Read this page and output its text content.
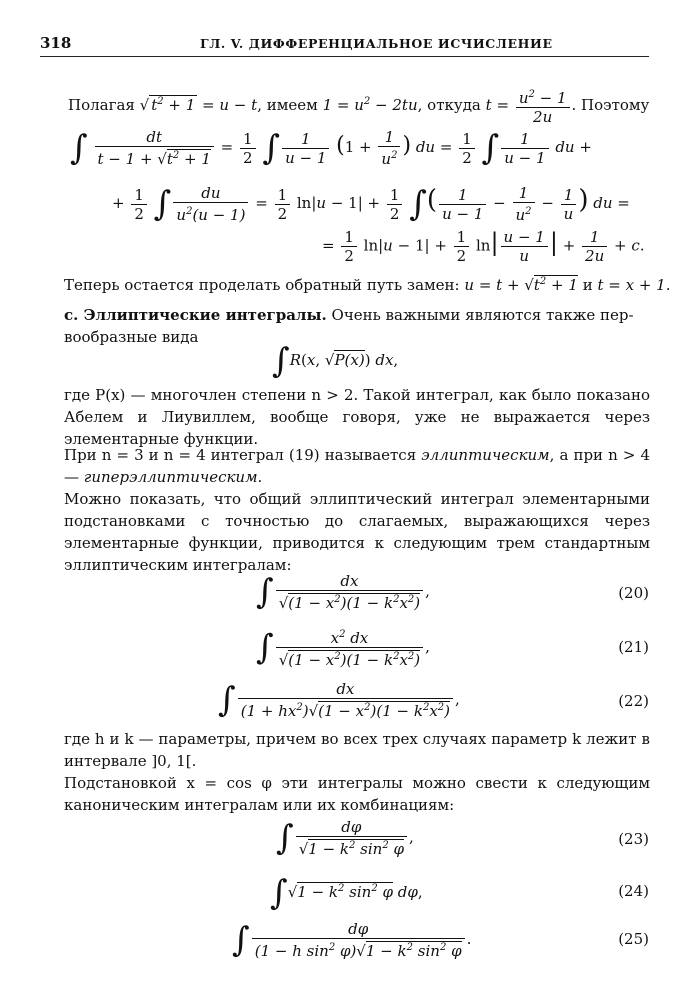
318	ГЛ. V. ДИФФЕРЕНЦИАЛЬНОЕ ИСЧИСЛЕНИЕ
Полагая √ $t^2 + 1 = u - t$, имеем $1 = u^2 - 2tu$, откуда $t = \frac{u^2 - 1}{2u}$ . Поэтому
∫ $\frac{dt}{t - 1 + √t^2 + 1} = \frac{1}{2}$ ∫ $\frac{1}{u - 1} (1 + \frac{1}{u^2}$ ) du = $\frac{1}{2}$ ∫ $\frac{1}{u - 1}$ du +
+ $\frac{1}{2}$ ∫ $\frac{du}{u^2(u - 1)} = \frac{1}{2} \ln|u - 1| + \frac{1}{2}$ ∫( $\frac{1}{u - 1} - \frac{1}{u^2} - \frac{1}{u}$ ) du =
= $\frac{1}{2} \ln|u - 1| + \frac{1}{2} \ln| \frac{u - 1}{u}$ | + $\frac{1}{2u} + c$.
Теперь остается проделать обратный путь замен: $u = t + √t^2 + 1$ и t = x + 1.
c. Эллиптические интегралы. Очень важными являются также пер-
вообразные вида
∫R(x, √P(x)) dx,
где P(x) — многочлен степени n > 2. Такой интеграл, как было показано Абелем и Лиувиллем, вообще говоря, уже не выражается через элементарные функции.
При n = 3 и n = 4 интеграл (19) называется эллиптическим, а при n > 4 — гиперэллиптическим.
Можно показать, что общий эллиптический интеграл элементарными подстановками с точностью до слагаемых, выражающихся через элементарные функции, приводится к следующим трем стандартным эллиптическим интегралам:
∫ $\frac{dx}{√(1 - x^2)(1 - k^2x^2)}$ ,	(20)
∫ $\frac{x^2 dx}{√(1 - x^2)(1 - k^2x^2)}$ ,	(21)
∫ $\frac{dx}{(1 + hx^2)√(1 - x^2)(1 - k^2x^2)}$ ,	(22)
где h и k — параметры, причем во всех трех случаях параметр k лежит в интервале ]0, 1[.
Подстановкой x = cos φ эти интегралы можно свести к следующим каноническим интегралам или их комбинациям:
∫ $\frac{d\varphi}{√1 - k^2 \sin^2 \varphi}$ ,	(23)
$\int√1 - k^2$ $\sin^2 \varphi$ dφ,	(24)
∫ $\frac{d\varphi}{(1 - h \sin^2 \varphi)√1 - k^2 \sin^2 \varphi}$ .	(25)
